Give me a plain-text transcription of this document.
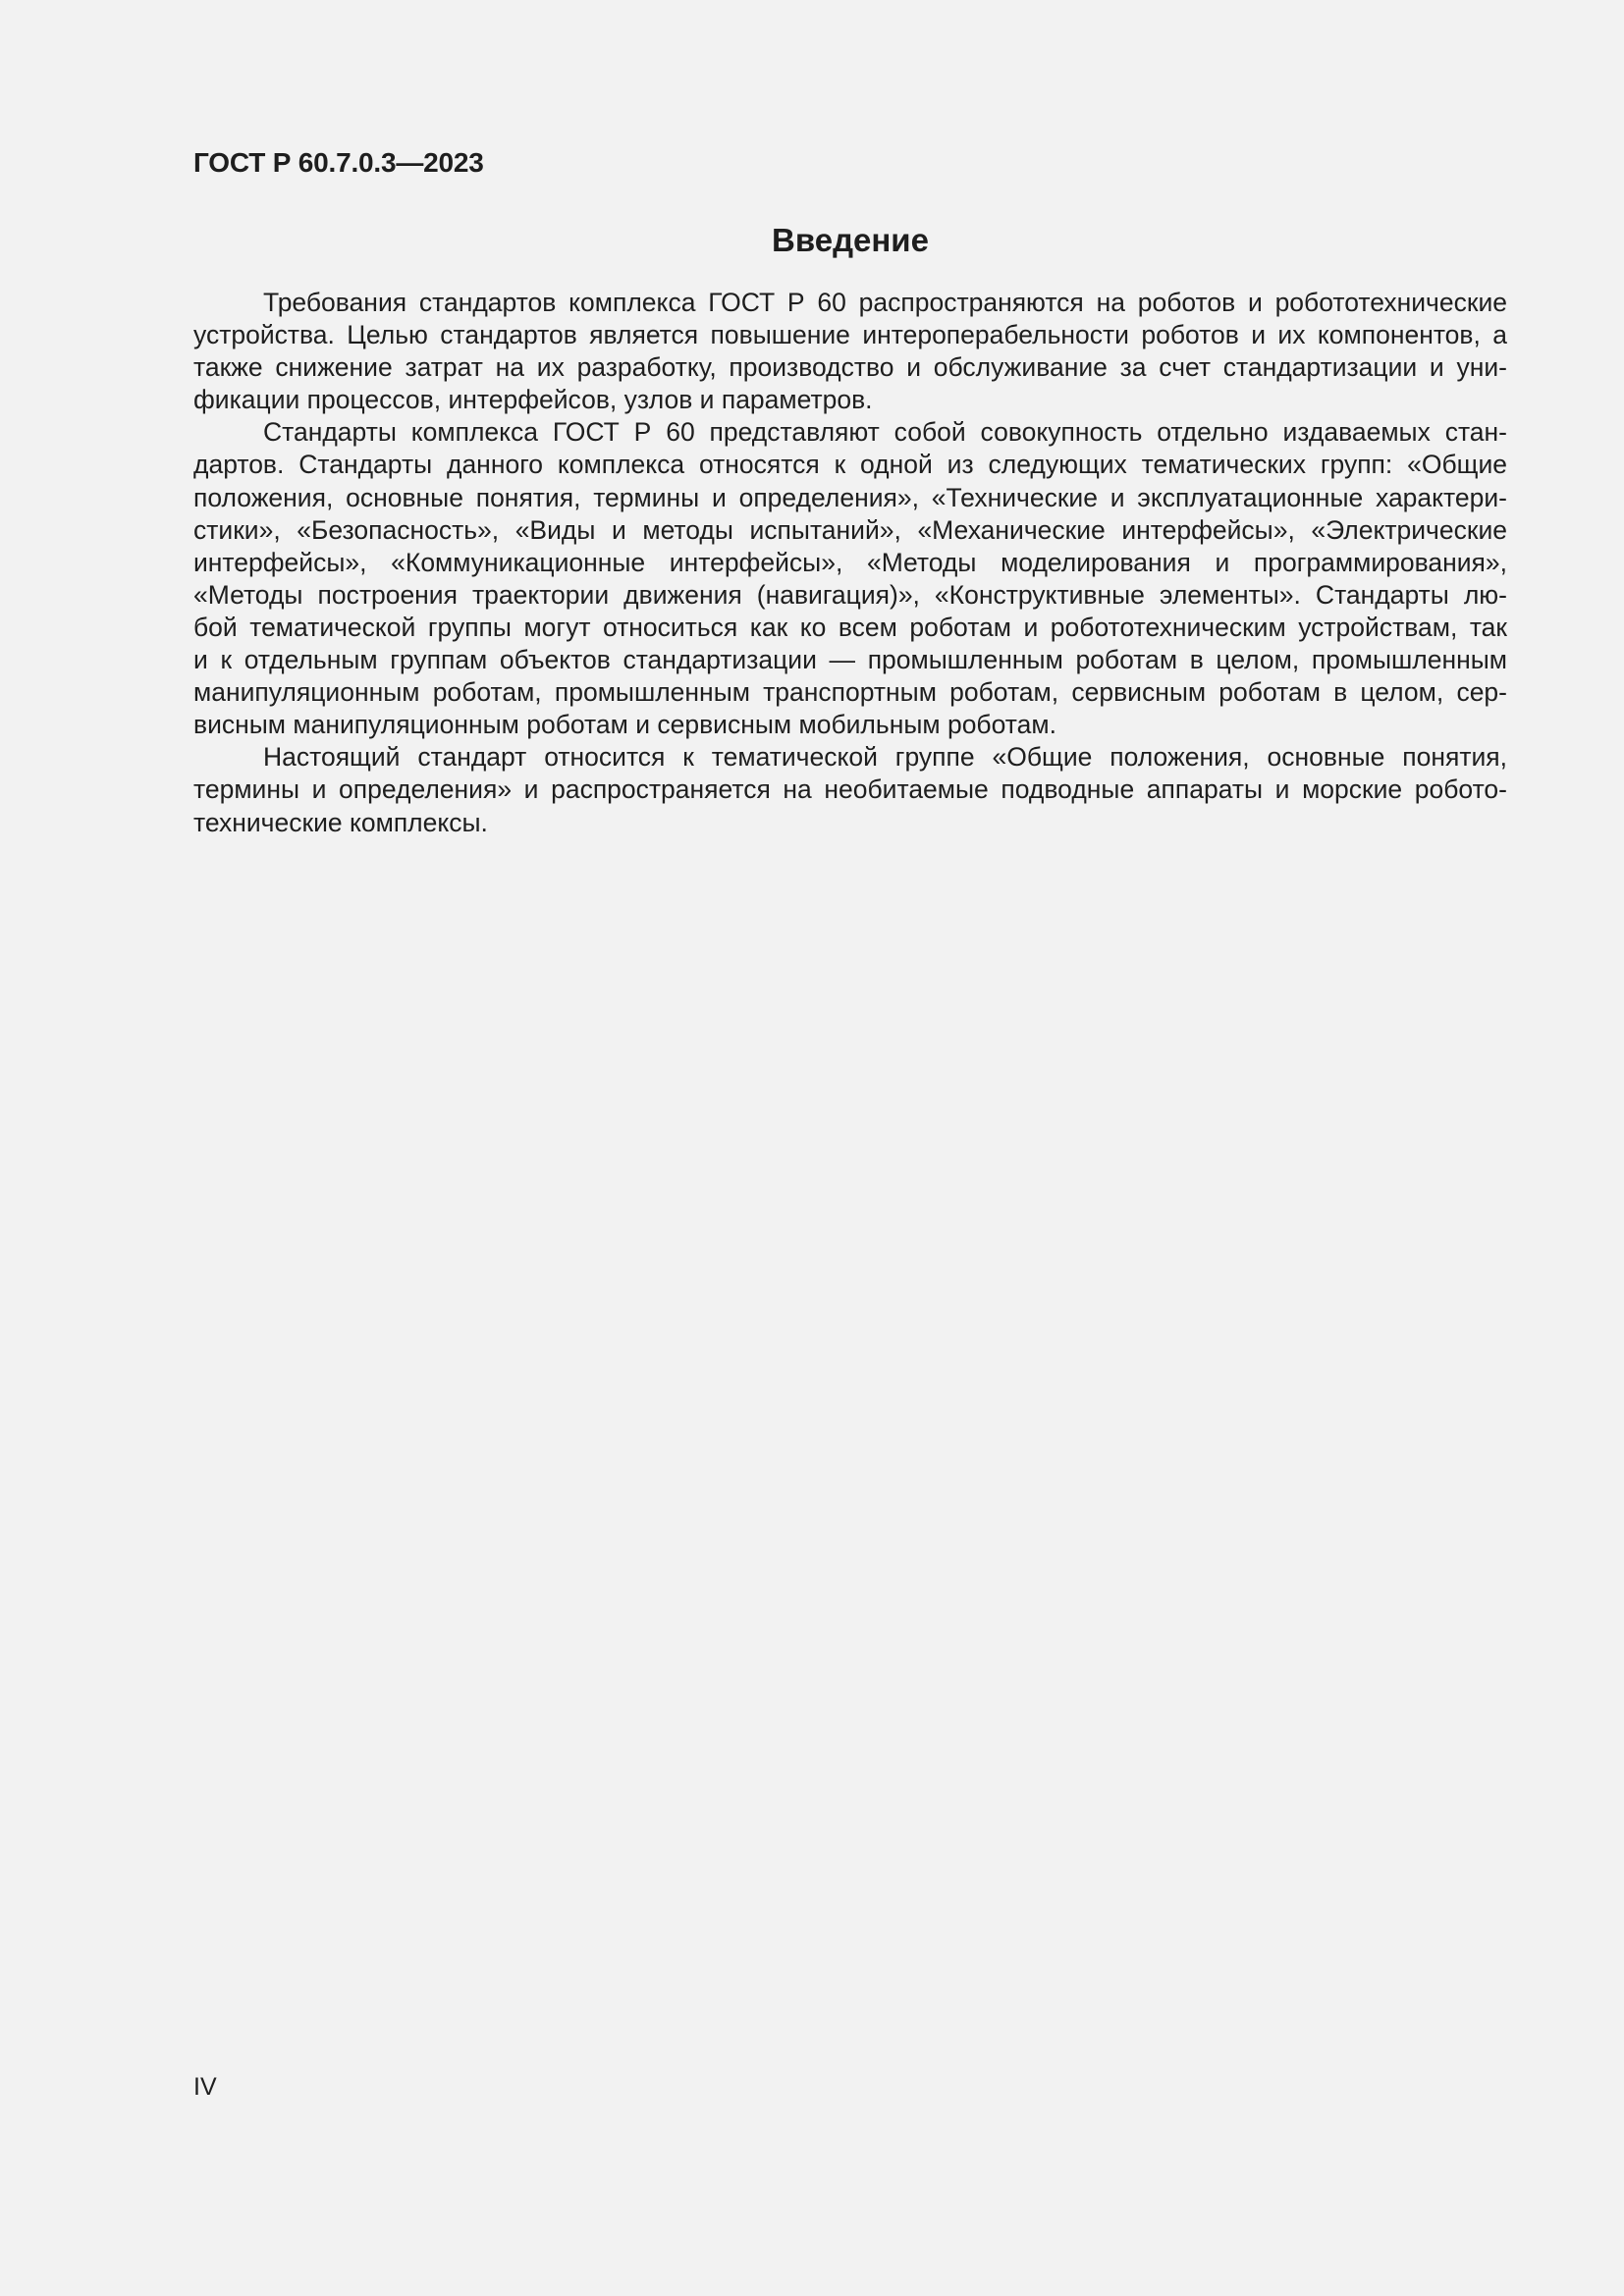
ГОСТ Р 60.7.0.3—2023
Введение
Требования стандартов комплекса ГОСТ Р 60 распространяются на роботов и робототехнические
устройства. Целью стандартов является повышение интероперабельности роботов и их компонентов, а
также снижение затрат на их разработку, производство и обслуживание за счет стандартизации и уни-
фикации процессов, интерфейсов, узлов и параметров.
Стандарты комплекса ГОСТ Р 60 представляют собой совокупность отдельно издаваемых стан-
дартов. Стандарты данного комплекса относятся к одной из следующих тематических групп: «Общие
положения, основные понятия, термины и определения», «Технические и эксплуатационные характери-
стики», «Безопасность», «Виды и методы испытаний», «Механические интерфейсы», «Электрические
интерфейсы», «Коммуникационные интерфейсы», «Методы моделирования и программирования»,
«Методы построения траектории движения (навигация)», «Конструктивные элементы». Стандарты лю-
бой тематической группы могут относиться как ко всем роботам и робототехническим устройствам, так
и к отдельным группам объектов стандартизации — промышленным роботам в целом, промышленным
манипуляционным роботам, промышленным транспортным роботам, сервисным роботам в целом, сер-
висным манипуляционным роботам и сервисным мобильным роботам.
Настоящий стандарт относится к тематической группе «Общие положения, основные понятия,
термины и определения» и распространяется на необитаемые подводные аппараты и морские робото-
технические комплексы.
IV
